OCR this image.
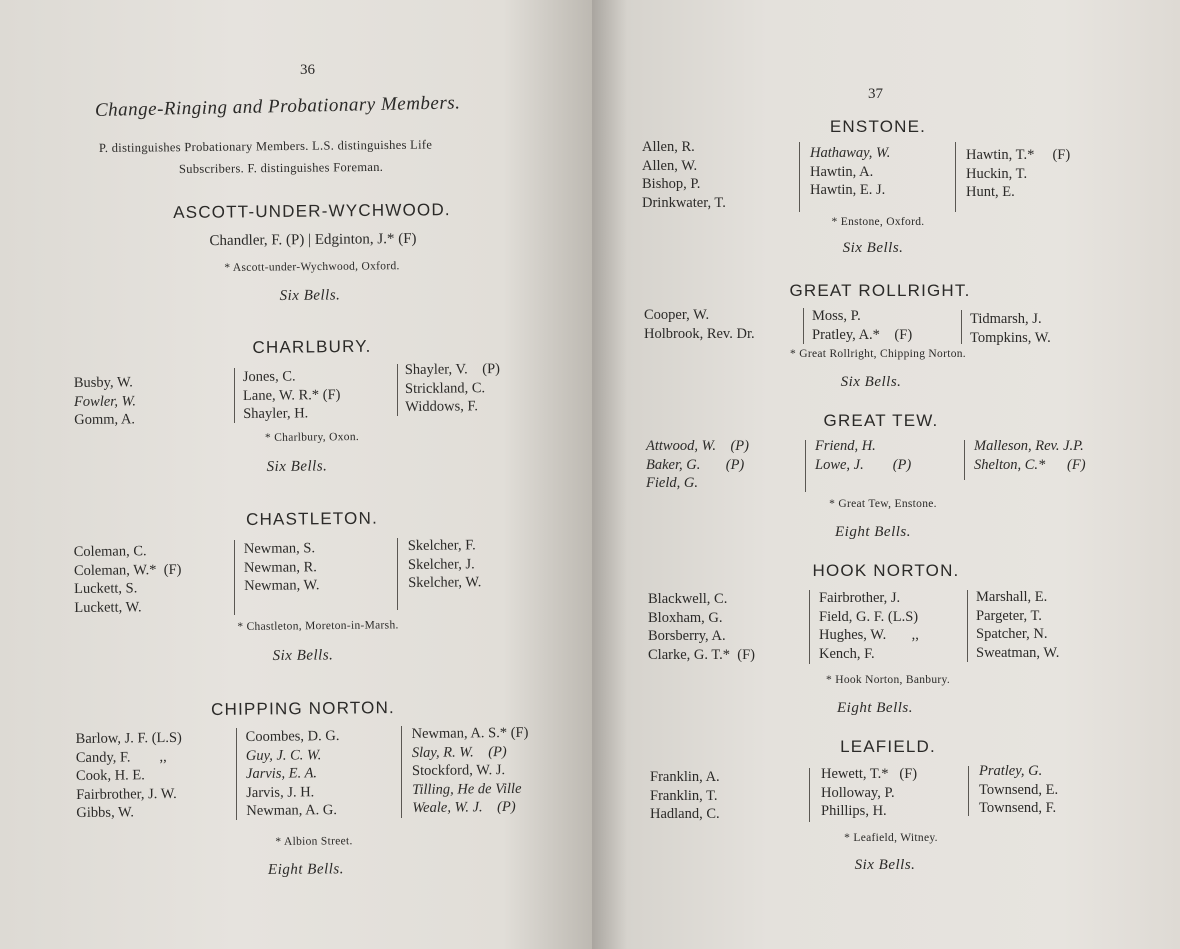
36
Change-Ringing and Probationary Members.
P. distinguishes Probationary Members. L.S. distinguishes Life
Subscribers. F. distinguishes Foreman.
ASCOTT-UNDER-WYCHWOOD.
Chandler, F. (P) | Edginton, J.* (F)
* Ascott-under-Wychwood, Oxford.
Six Bells.
CHARLBURY.
Busby, W.
Fowler, W.
Gomm, A.
Jones, C.
Lane, W. R.* (F)
Shayler, H.
Shayler, V.    (P)
Strickland, C.
Widdows, F.
* Charlbury, Oxon.
Six Bells.
CHASTLETON.
Coleman, C.
Coleman, W.*  (F)
Luckett, S.
Luckett, W.
Newman, S.
Newman, R.
Newman, W.
Skelcher, F.
Skelcher, J.
Skelcher, W.
* Chastleton, Moreton-in-Marsh.
Six Bells.
CHIPPING NORTON.
Barlow, J. F. (L.S)
Candy, F.        ,,
Cook, H. E.
Fairbrother, J. W.
Gibbs, W.
Coombes, D. G.
Guy, J. C. W.
Jarvis, E. A.
Jarvis, J. H.
Newman, A. G.
Newman, A. S.* (F)
Slay, R. W.    (P)
Stockford, W. J.
Tilling, He de Ville
Weale, W. J.    (P)
* Albion Street.
Eight Bells.
37
ENSTONE.
Allen, R.
Allen, W.
Bishop, P.
Drinkwater, T.
Hathaway, W.
Hawtin, A.
Hawtin, E. J.
Hawtin, T.*     (F)
Huckin, T.
Hunt, E.
* Enstone, Oxford.
Six Bells.
GREAT ROLLRIGHT.
Cooper, W.
Holbrook, Rev. Dr.
Moss, P.
Pratley, A.*    (F)
Tidmarsh, J.
Tompkins, W.
* Great Rollright, Chipping Norton.
Six Bells.
GREAT TEW.
Attwood, W.    (P)
Baker, G.       (P)
Field, G.
Friend, H.
Lowe, J.        (P)
Malleson, Rev. J.P.
Shelton, C.*      (F)
* Great Tew, Enstone.
Eight Bells.
HOOK NORTON.
Blackwell, C.
Bloxham, G.
Borsberry, A.
Clarke, G. T.*  (F)
Fairbrother, J.
Field, G. F. (L.S)
Hughes, W.       ,,
Kench, F.
Marshall, E.
Pargeter, T.
Spatcher, N.
Sweatman, W.
* Hook Norton, Banbury.
Eight Bells.
LEAFIELD.
Franklin, A.
Franklin, T.
Hadland, C.
Hewett, T.*   (F)
Holloway, P.
Phillips, H.
Pratley, G.
Townsend, E.
Townsend, F.
* Leafield, Witney.
Six Bells.
